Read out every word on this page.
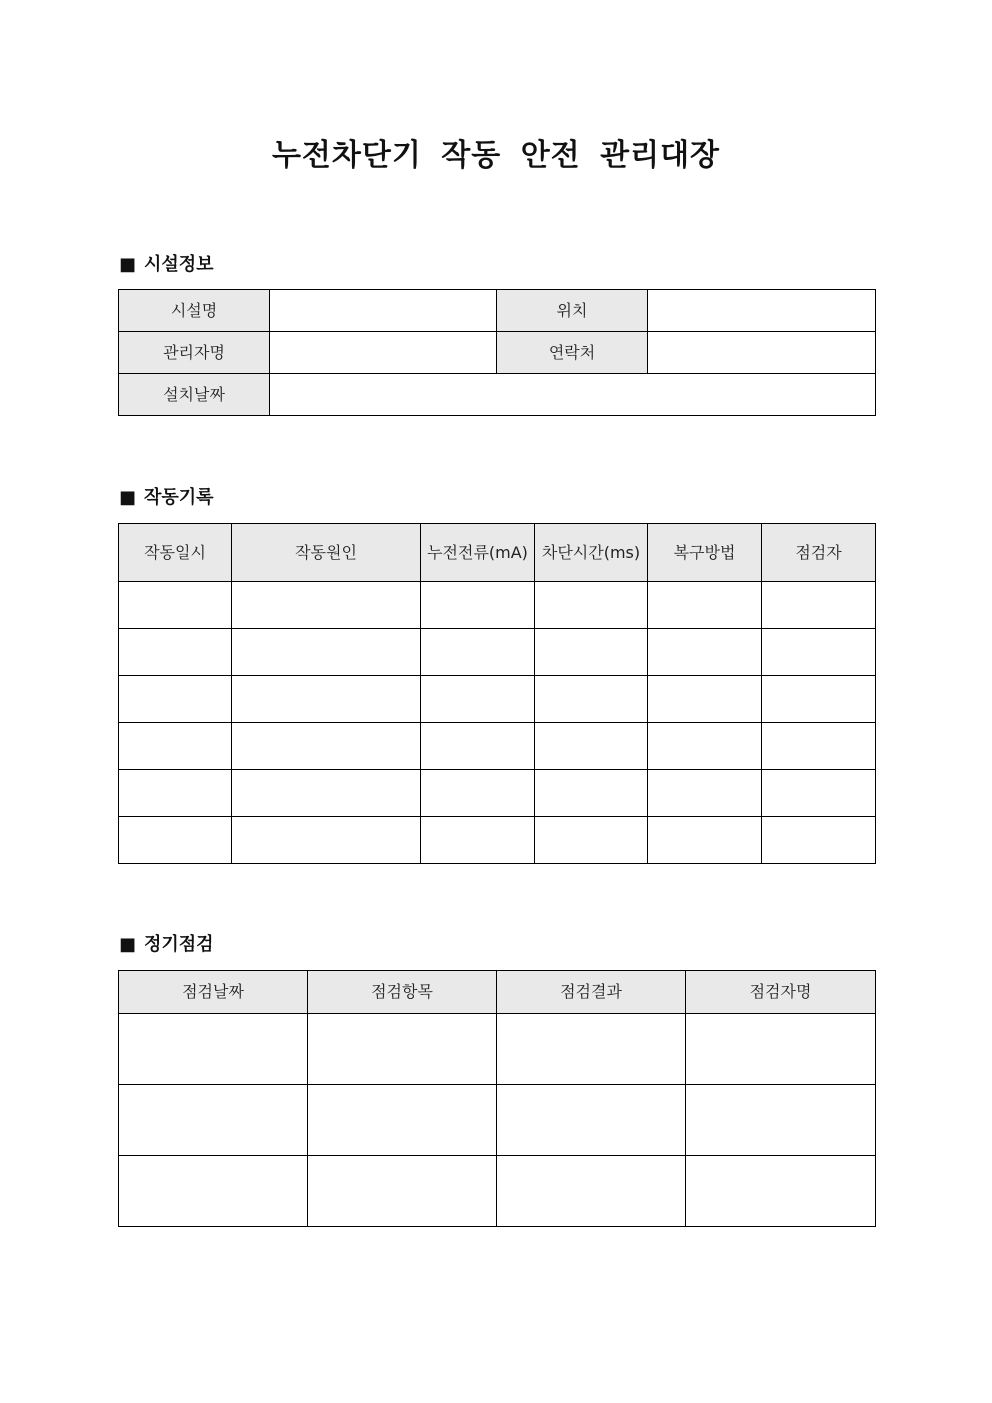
누전차단기 작동 안전 관리대장
■ 시설정보
시설명		위치	
관리자명		연락처	
설치날짜			
■ 작동기록
작동일시	작동원인	누전전류(mA)	차단시간(ms)	복구방법	점검자

■ 정기점검
점검날짜	점검항목	점검결과	점검자명
